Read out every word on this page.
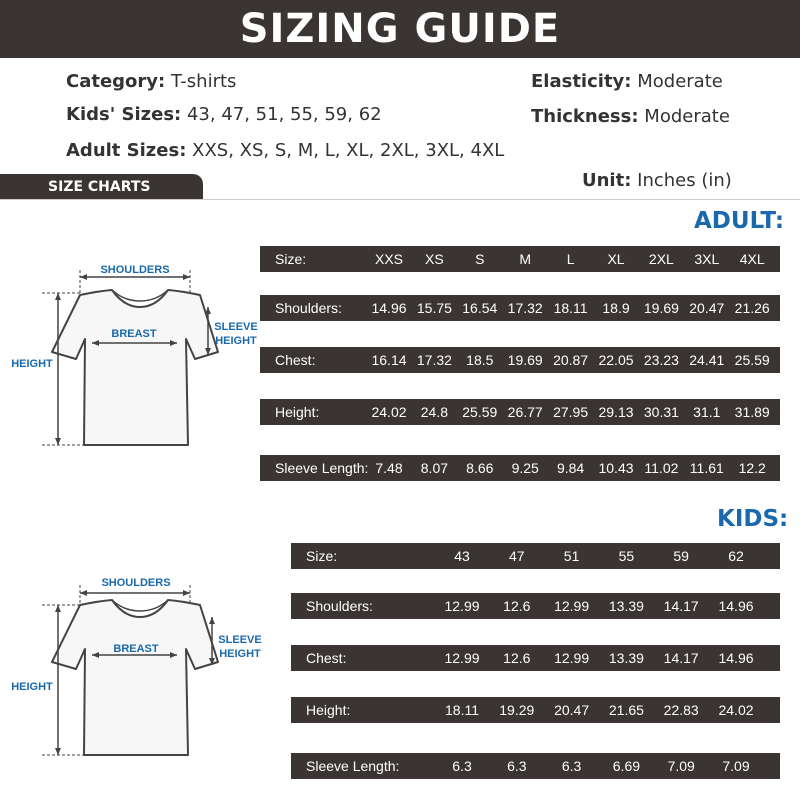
SIZING GUIDE
Category: T-shirts
Kids' Sizes: 43, 47, 51, 55, 59, 62
Adult Sizes: XXS, XS, S, M, L, XL, 2XL, 3XL, 4XL
Elasticity: Moderate
Thickness: Moderate
Unit: Inches (in)
SIZE CHARTS
ADULT:
Size:	XXS XS S M	L XL 2XL 3XL 4XL
Shoulders: 14.96 15.75 16.54 17.32 18.11 18.9 19.69 20.47 21.26
Chest:	16.14 17.32 18.5 19.69 20.87 22.05 23.23 24.41 25.59
Height:	24.02 24.8 25.59 26.77 27.95 29.13 30.31 31.1 31.89
Sleeve Length: 7.48 8.07 8.66 9.25 9.84 10.43 11.02 11.61 12.2
KIDS:
Size:	43	47	51	55	59	62
Shoulders:	12.99 12.6 12.99 13.39 14.17 14.96
Chest:	12.99 12.6 12.99 13.39 14.17 14.96
Height:	18.11 19.29 20.47 21.65 22.83 24.02
Sleeve Length:	6.3	6.3	6.3 6.69 7.09 7.09
SHOULDERS
BREAST
HEIGHT
SLEEVE
HEIGHT
SHOULDERS
BREAST
HEIGHT
SLEEVE
HEIGHT
